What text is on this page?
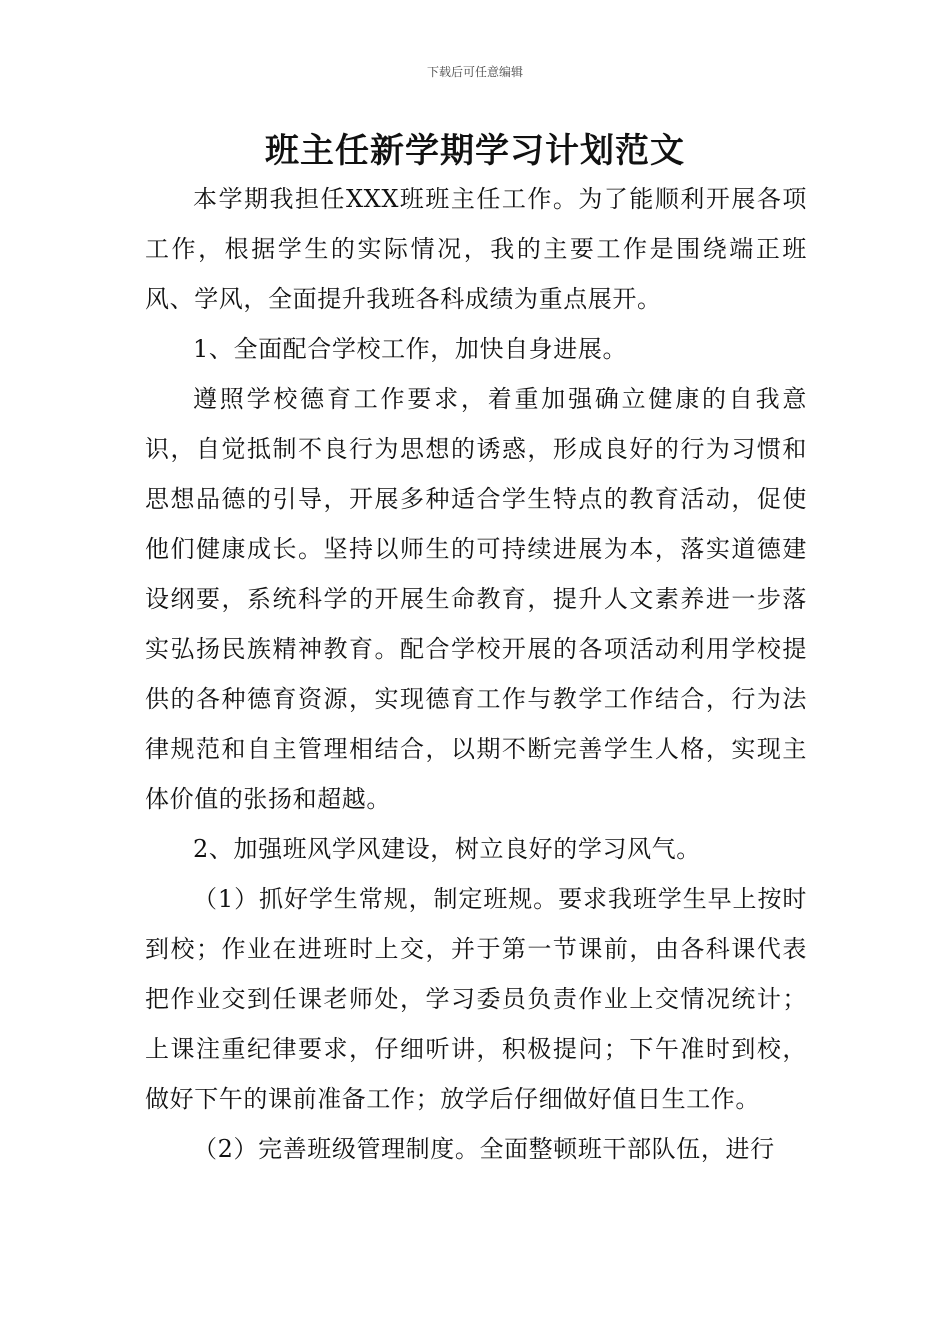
下载后可任意编辑
班主任新学期学习计划范文

本学期我担任XXX班班主任工作。为了能顺利开展各项工作，根据学生的实际情况，我的主要工作是围绕端正班风、学风，全面提升我班各科成绩为重点展开。

1、全面配合学校工作，加快自身进展。

遵照学校德育工作要求，着重加强确立健康的自我意识，自觉抵制不良行为思想的诱惑，形成良好的行为习惯和思想品德的引导，开展多种适合学生特点的教育活动，促使他们健康成长。坚持以师生的可持续进展为本，落实道德建设纲要，系统科学的开展生命教育，提升人文素养进一步落实弘扬民族精神教育。配合学校开展的各项活动利用学校提供的各种德育资源，实现德育工作与教学工作结合，行为法律规范和自主管理相结合，以期不断完善学生人格，实现主体价值的张扬和超越。

2、加强班风学风建设，树立良好的学习风气。

（1）抓好学生常规，制定班规。要求我班学生早上按时到校；作业在进班时上交，并于第一节课前，由各科课代表把作业交到任课老师处，学习委员负责作业上交情况统计；上课注重纪律要求，仔细听讲，积极提问；下午准时到校，做好下午的课前准备工作；放学后仔细做好值日生工作。

（2）完善班级管理制度。全面整顿班干部队伍，进行
